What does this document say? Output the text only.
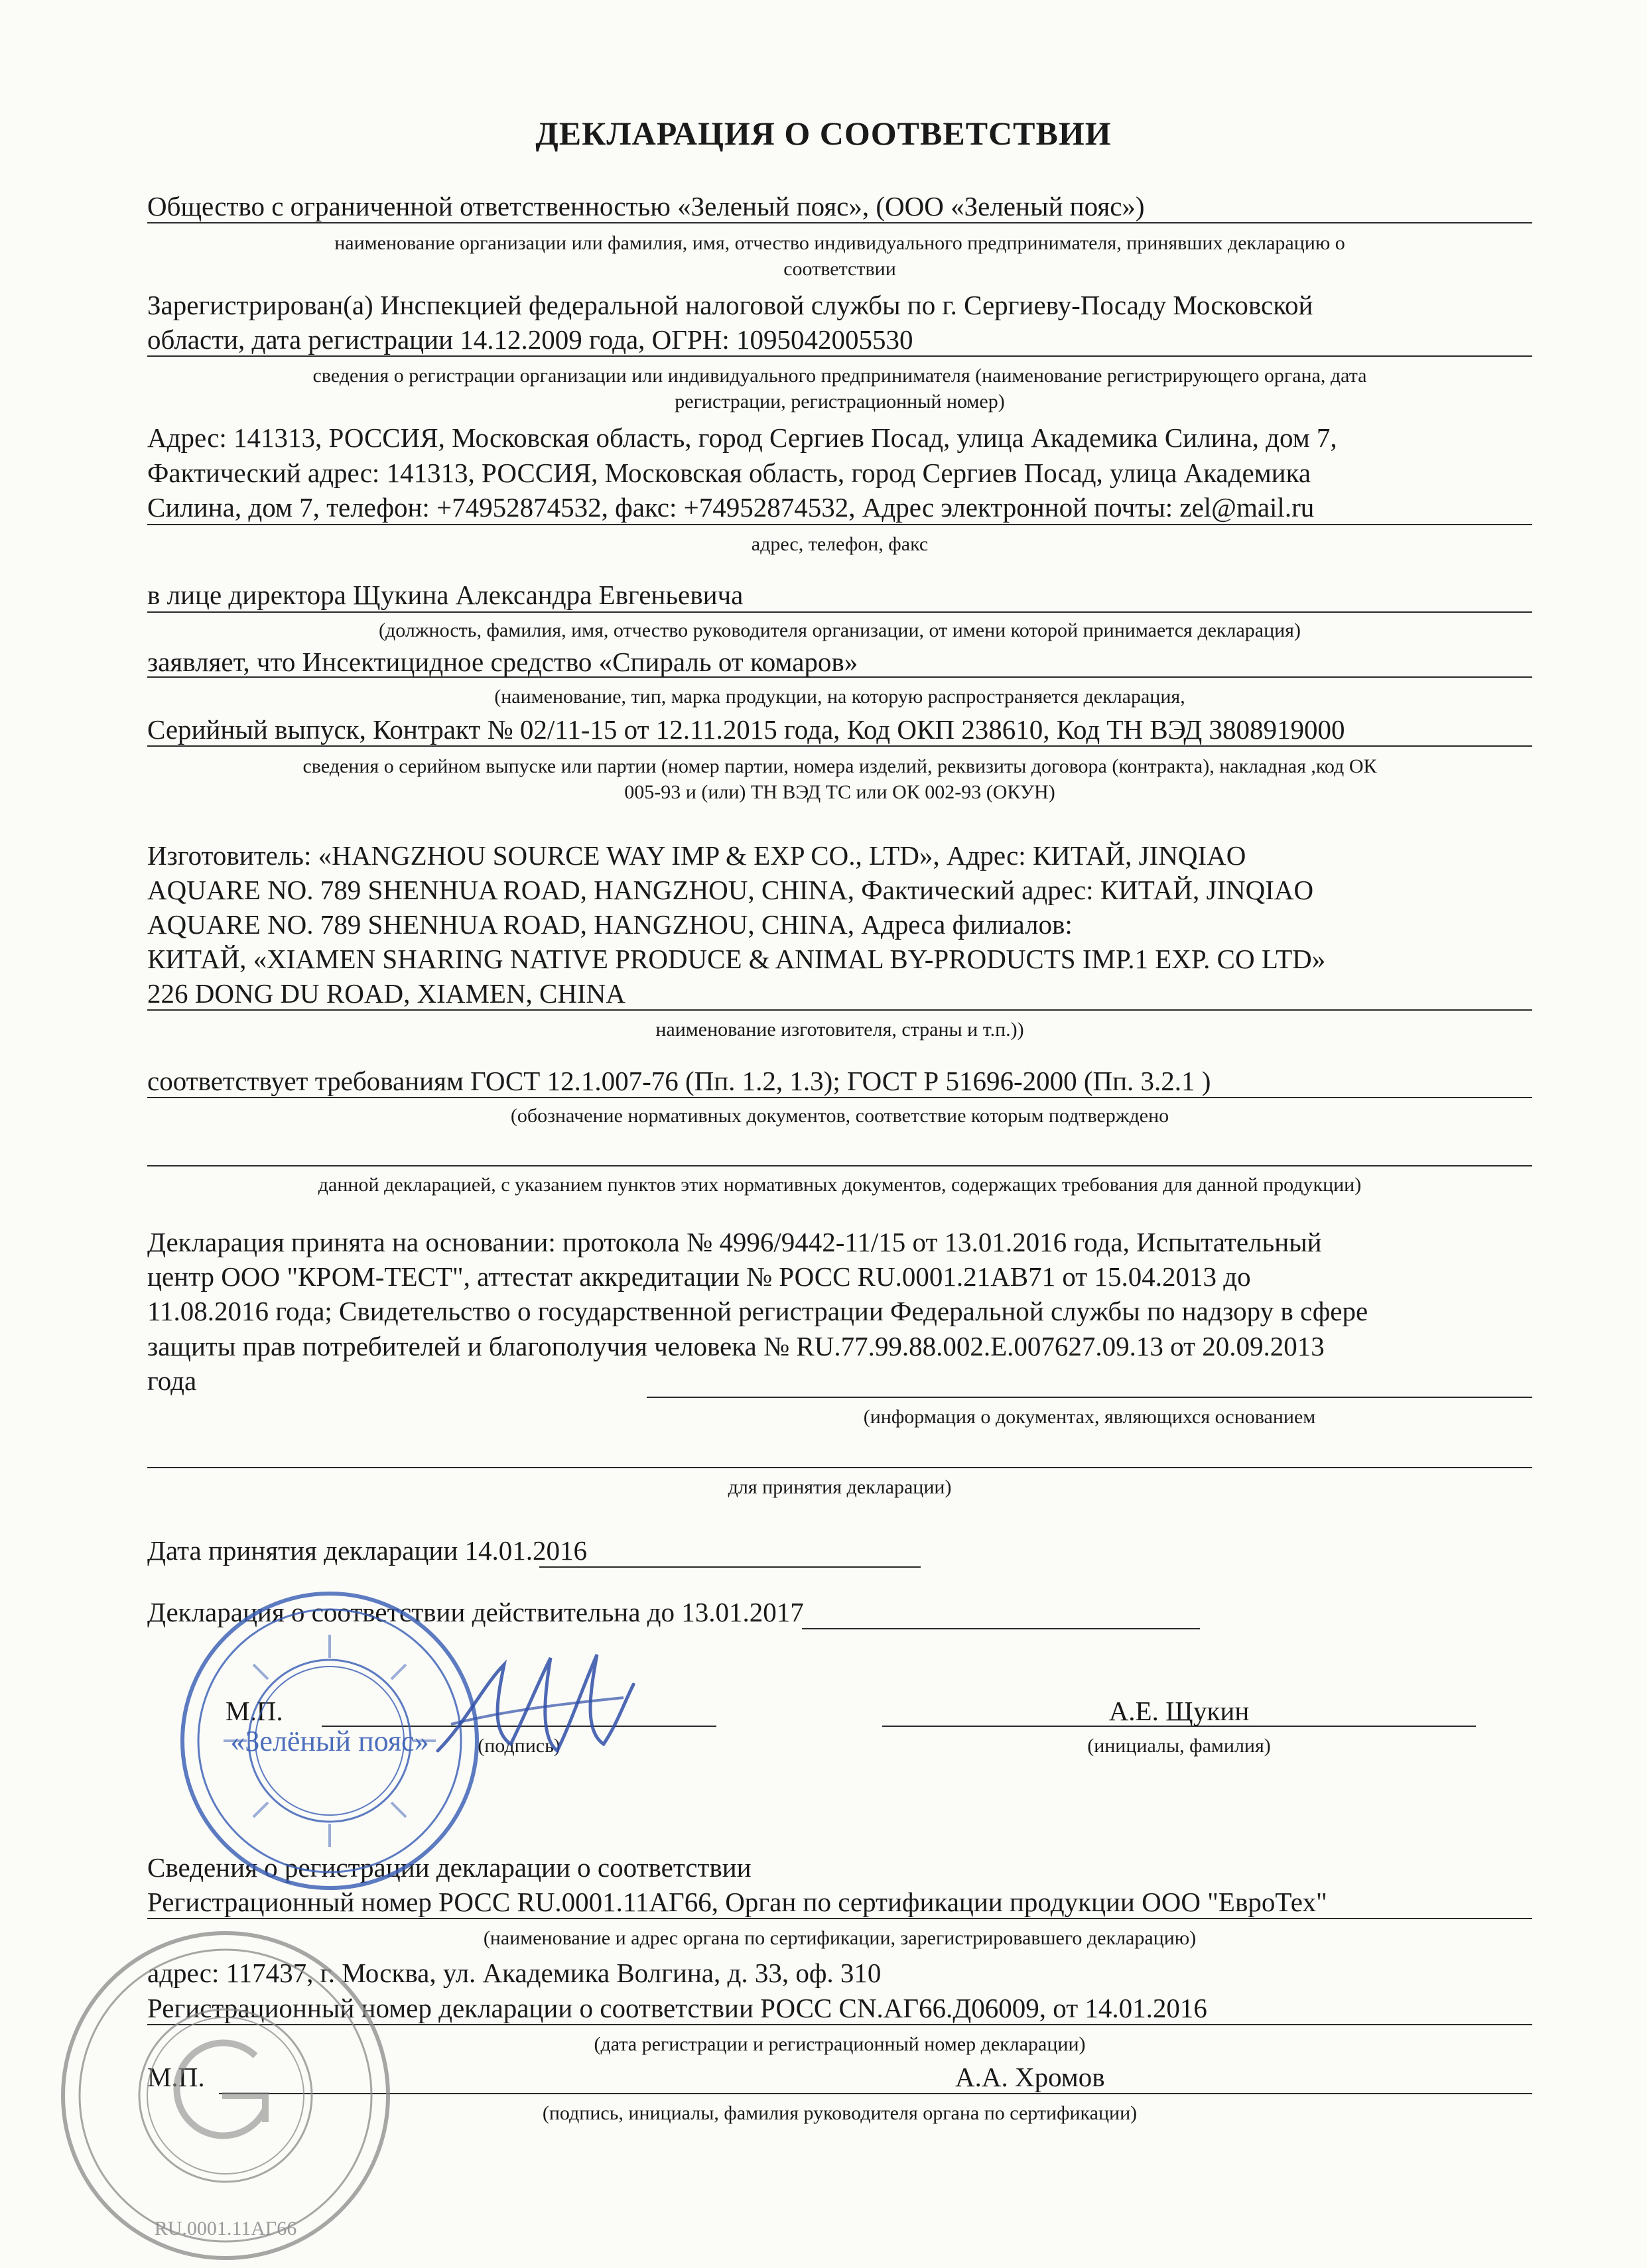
ДЕКЛАРАЦИЯ О СООТВЕТСТВИИ
Общество с ограниченной ответственностью «Зеленый пояс», (ООО «Зеленый пояс»)
наименование организации или фамилия, имя, отчество индивидуального предпринимателя, принявших декларацию о
соответствии
Зарегистрирован(а) Инспекцией федеральной налоговой службы по г. Сергиеву-Посаду Московской
области, дата регистрации 14.12.2009 года, ОГРН: 1095042005530
сведения о регистрации организации или индивидуального предпринимателя (наименование регистрирующего органа, дата
регистрации, регистрационный номер)
Адрес: 141313, РОССИЯ, Московская область, город Сергиев Посад, улица Академика Силина, дом 7,
Фактический адрес: 141313, РОССИЯ, Московская область, город Сергиев Посад, улица Академика
Силина, дом 7, телефон: +74952874532, факс: +74952874532, Адрес электронной почты: zel@mail.ru
адрес, телефон, факс
в лице директора Щукина Александра Евгеньевича
(должность, фамилия, имя, отчество руководителя организации, от имени которой принимается декларация)
заявляет, что Инсектицидное средство «Спираль от комаров»
(наименование, тип, марка продукции, на которую распространяется декларация,
Серийный выпуск, Контракт № 02/11-15 от 12.11.2015 года, Код ОКП 238610, Код ТН ВЭД 3808919000
сведения о серийном выпуске или партии (номер партии, номера изделий, реквизиты договора (контракта), накладная ,код ОК
005-93 и (или) ТН ВЭД ТС или ОК 002-93 (ОКУН)
Изготовитель: «HANGZHOU SOURCE WAY IMP & EXP CO., LTD», Адрес: КИТАЙ, JINQIAO
AQUARE NO. 789 SHENHUA ROAD, HANGZHOU, CHINA, Фактический адрес: КИТАЙ, JINQIAO
AQUARE NO. 789 SHENHUA ROAD, HANGZHOU, CHINA, Адреса филиалов:
КИТАЙ, «XIAMEN SHARING NATIVE PRODUCE & ANIMAL BY-PRODUCTS IMP.1 EXP. CO LTD»
226 DONG DU ROAD, XIAMEN, CHINA
наименование изготовителя, страны и т.п.))
соответствует требованиям ГОСТ 12.1.007-76 (Пп. 1.2, 1.3); ГОСТ Р 51696-2000 (Пп. 3.2.1 )
(обозначение нормативных документов, соответствие которым подтверждено
данной декларацией, с указанием пунктов этих нормативных документов, содержащих требования для данной продукции)
Декларация принята на основании: протокола № 4996/9442-11/15 от 13.01.2016 года, Испытательный
центр ООО "КРОМ-ТЕСТ", аттестат аккредитации № РОСС RU.0001.21АВ71 от 15.04.2013 до
11.08.2016 года; Свидетельство о государственной регистрации Федеральной службы по надзору в сфере
защиты прав потребителей и благополучия человека № RU.77.99.88.002.Е.007627.09.13 от 20.09.2013
года
(информация о документах, являющихся основанием
для принятия декларации)
Дата принятия декларации 14.01.2016
Декларация о соответствии действительна до 13.01.2017
М.П.
(подпись)
А.Е. Щукин
(инициалы, фамилия)
Сведения о регистрации декларации о соответствии
Регистрационный номер РОСС RU.0001.11АГ66, Орган по сертификации продукции ООО "ЕвроТех"
(наименование и адрес органа по сертификации, зарегистрировавшего декларацию)
адрес: 117437, г. Москва, ул. Академика Волгина, д. 33, оф. 310
Регистрационный номер декларации о соответствии РОСС CN.АГ66.Д06009, от 14.01.2016
(дата регистрации и регистрационный номер декларации)
М.П.	А.А. Хромов
(подпись, инициалы, фамилия руководителя органа по сертификации)
«Зелёный пояс»
RU.0001.11АГ66
